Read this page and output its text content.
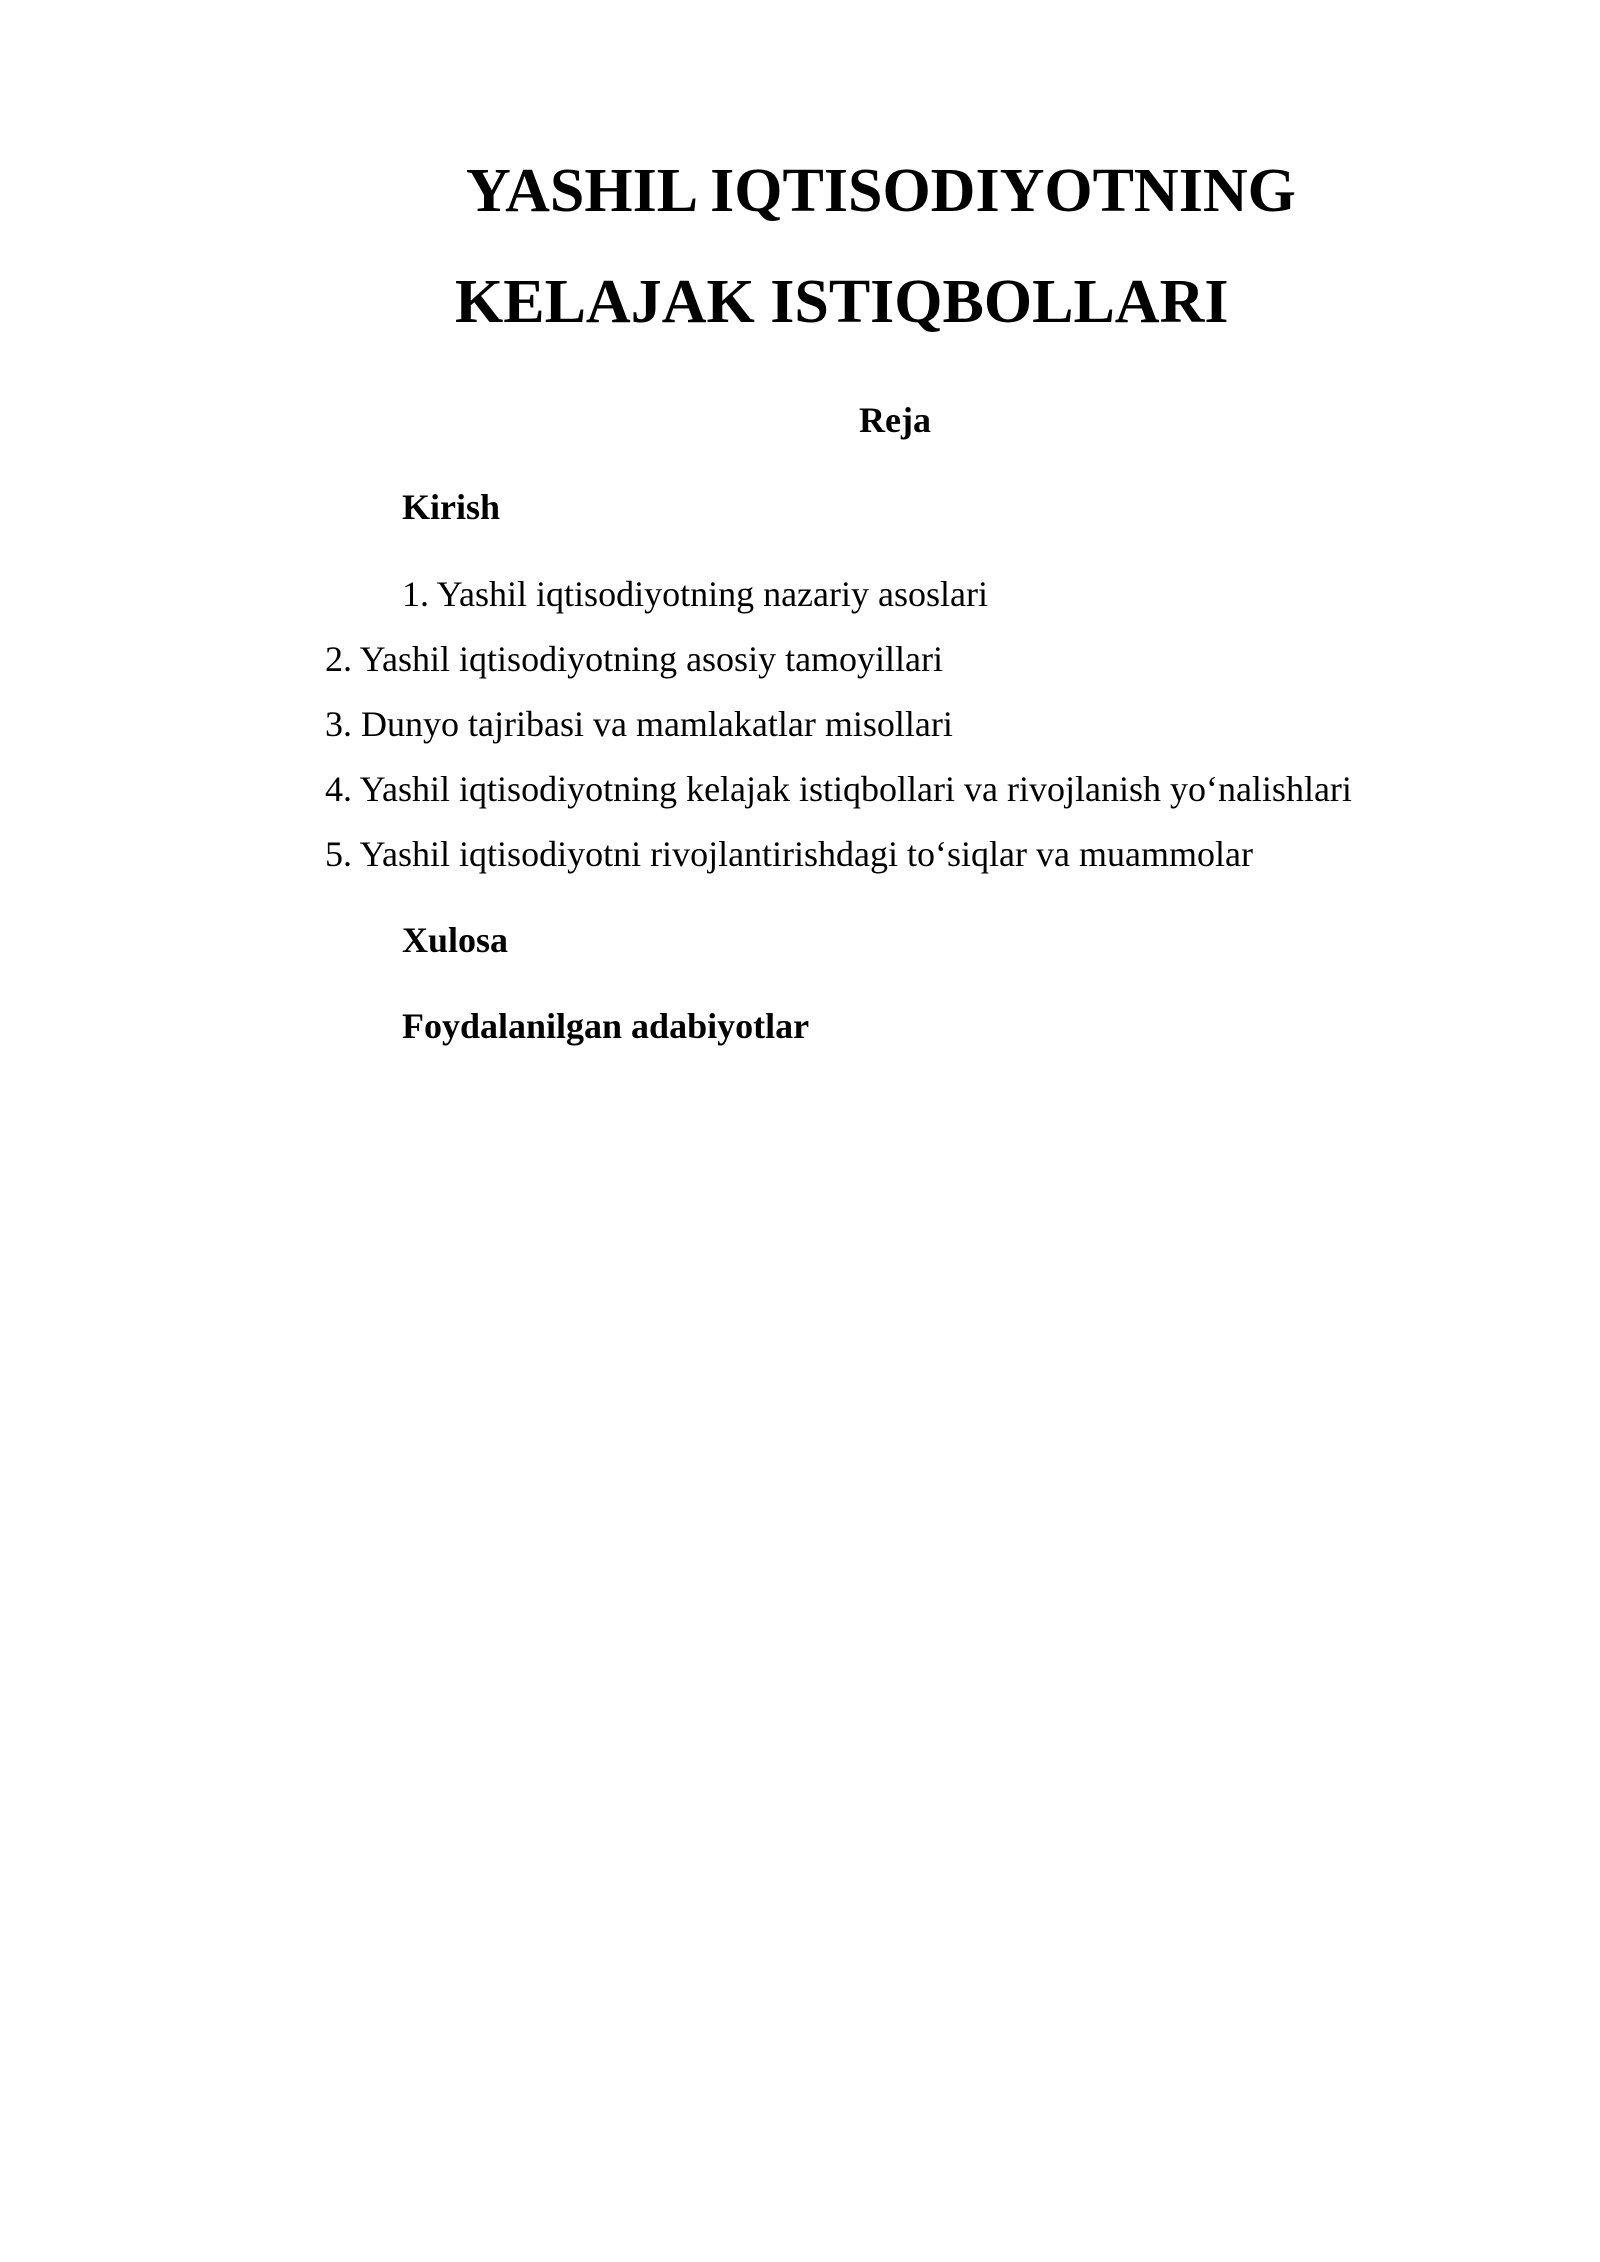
YASHIL IQTISODIYOTNING
KELAJAK ISTIQBOLLARI
Reja
Kirish
1. Yashil iqtisodiyotning nazariy asoslari
2. Yashil iqtisodiyotning asosiy tamoyillari
3. Dunyo tajribasi va mamlakatlar misollari
4. Yashil iqtisodiyotning kelajak istiqbollari va rivojlanish yo‘nalishlari
5. Yashil iqtisodiyotni rivojlantirishdagi to‘siqlar va muammolar
Xulosa
Foydalanilgan adabiyotlar
